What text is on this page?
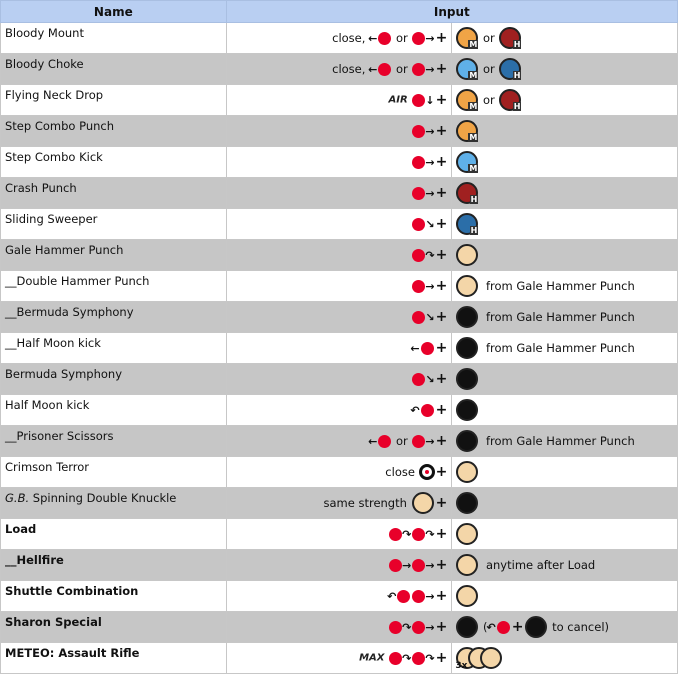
Name	Input	
Bloody Mount	close, ← or →+	M or H

Bloody Choke	close, ← or →+	M or H

Flying Neck Drop	AIR ↓+	M or H

Step Combo Punch	→+	M

Step Combo Kick	→+	M

Crash Punch	→+	H

Sliding Sweeper	↘+	H

Gale Hammer Punch	↷+	
__Double Hammer Punch	→+	from Gale Hammer Punch
__Bermuda Symphony	↘+	from Gale Hammer Punch
__Half Moon kick	← +	from Gale Hammer Punch
Bermuda Symphony	↘+	
Half Moon kick	↶ +	
__Prisoner Scissors	← or →+	from Gale Hammer Punch
Crimson Terror	close +	
G.B. Spinning Double Knuckle	same strength +	
Load	↷ ↷+	
__Hellfire	→ →+	anytime after Load
Shuttle Combination	↶ →+	
Sharon Special	↷ →+	(↶ + to cancel)
METEO: Assault Rifle	MAX ↷ ↷+	3x
